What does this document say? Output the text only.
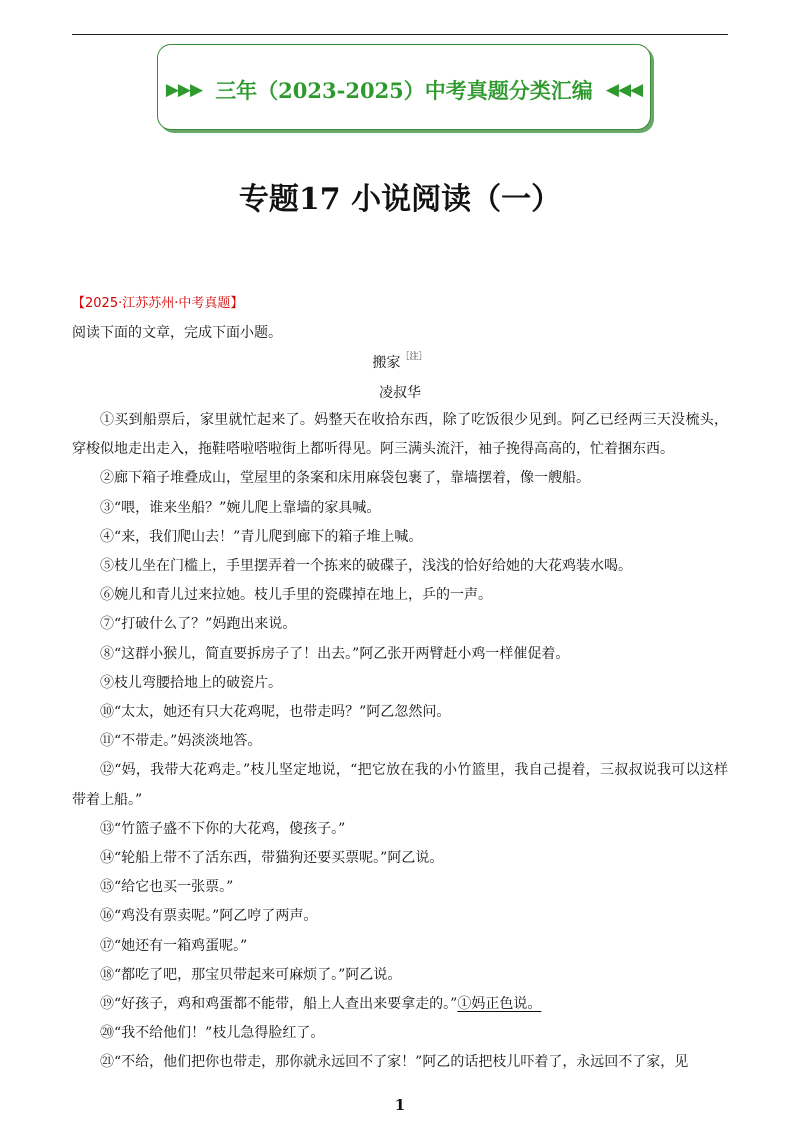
▶▶▶ 三年（2023-2025）中考真题分类汇编 ◀◀◀
专题17 小说阅读（一）
【2025·江苏苏州·中考真题】
阅读下面的文章，完成下面小题。
搬家$^{[注]}$
凌叔华

①买到船票后，家里就忙起来了。妈整天在收拾东西，除了吃饭很少见到。阿乙已经两三天没梳头，穿梭似地走出走入，拖鞋嗒啦嗒啦街上都听得见。阿三满头流汗，袖子挽得高高的，忙着捆东西。

②廊下箱子堆叠成山，堂屋里的条案和床用麻袋包裹了，靠墙摆着，像一艘船。

③“喂，谁来坐船？”婉儿爬上靠墙的家具喊。

④“来，我们爬山去！”青儿爬到廊下的箱子堆上喊。

⑤枝儿坐在门槛上，手里摆弄着一个拣来的破碟子，浅浅的恰好给她的大花鸡装水喝。

⑥婉儿和青儿过来拉她。枝儿手里的瓷碟掉在地上，乒的一声。

⑦“打破什么了？”妈跑出来说。

⑧“这群小猴儿，简直要拆房子了！出去。”阿乙张开两臂赶小鸡一样催促着。

⑨枝儿弯腰拾地上的破瓷片。

⑩“太太，她还有只大花鸡呢，也带走吗？”阿乙忽然问。

⑪“不带走。”妈淡淡地答。

⑫“妈，我带大花鸡走。”枝儿坚定地说，“把它放在我的小竹篮里，我自己提着，三叔叔说我可以这样带着上船。”

⑬“竹篮子盛不下你的大花鸡，傻孩子。”

⑭“轮船上带不了活东西，带猫狗还要买票呢。”阿乙说。

⑮“给它也买一张票。”

⑯“鸡没有票卖呢。”阿乙哼了两声。

⑰“她还有一箱鸡蛋呢。”

⑱“都吃了吧，那宝贝带起来可麻烦了。”阿乙说。

⑲“好孩子，鸡和鸡蛋都不能带，船上人查出来要拿走的。”①妈正色说。

⑳“我不给他们！”枝儿急得脸红了。

㉑“不给，他们把你也带走，那你就永远回不了家！”阿乙的话把枝儿吓着了，永远回不了家，见

1
